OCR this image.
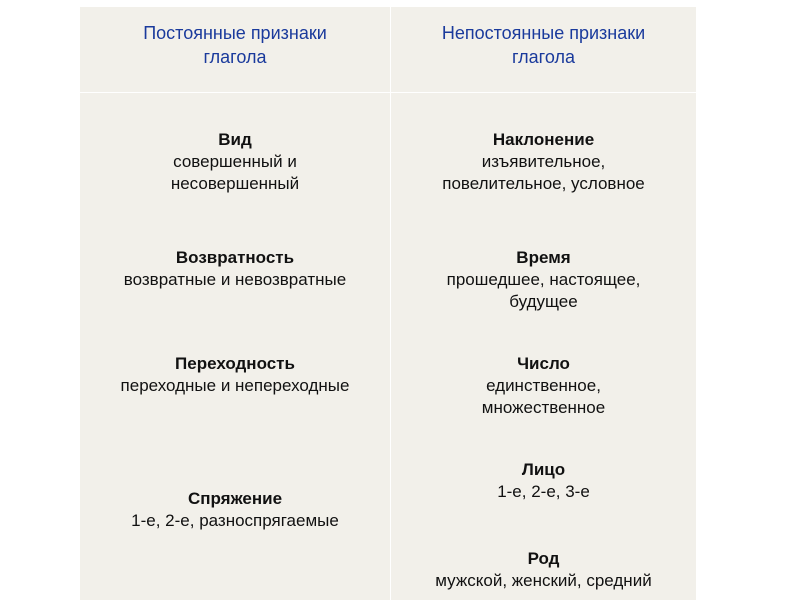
Постоянные признаки глагола
Непостоянные признаки глагола
Вид
совершенный и несовершенный
Возвратность
возвратные и невозвратные
Переходность
переходные и непереходные
Спряжение
1-е, 2-е, разноспрягаемые
Наклонение
изъявительное, повелительное, условное
Время
прошедшее, настоящее, будущее
Число
единственное, множественное
Лицо
1-е, 2-е, 3-е
Род
мужской, женский, средний
